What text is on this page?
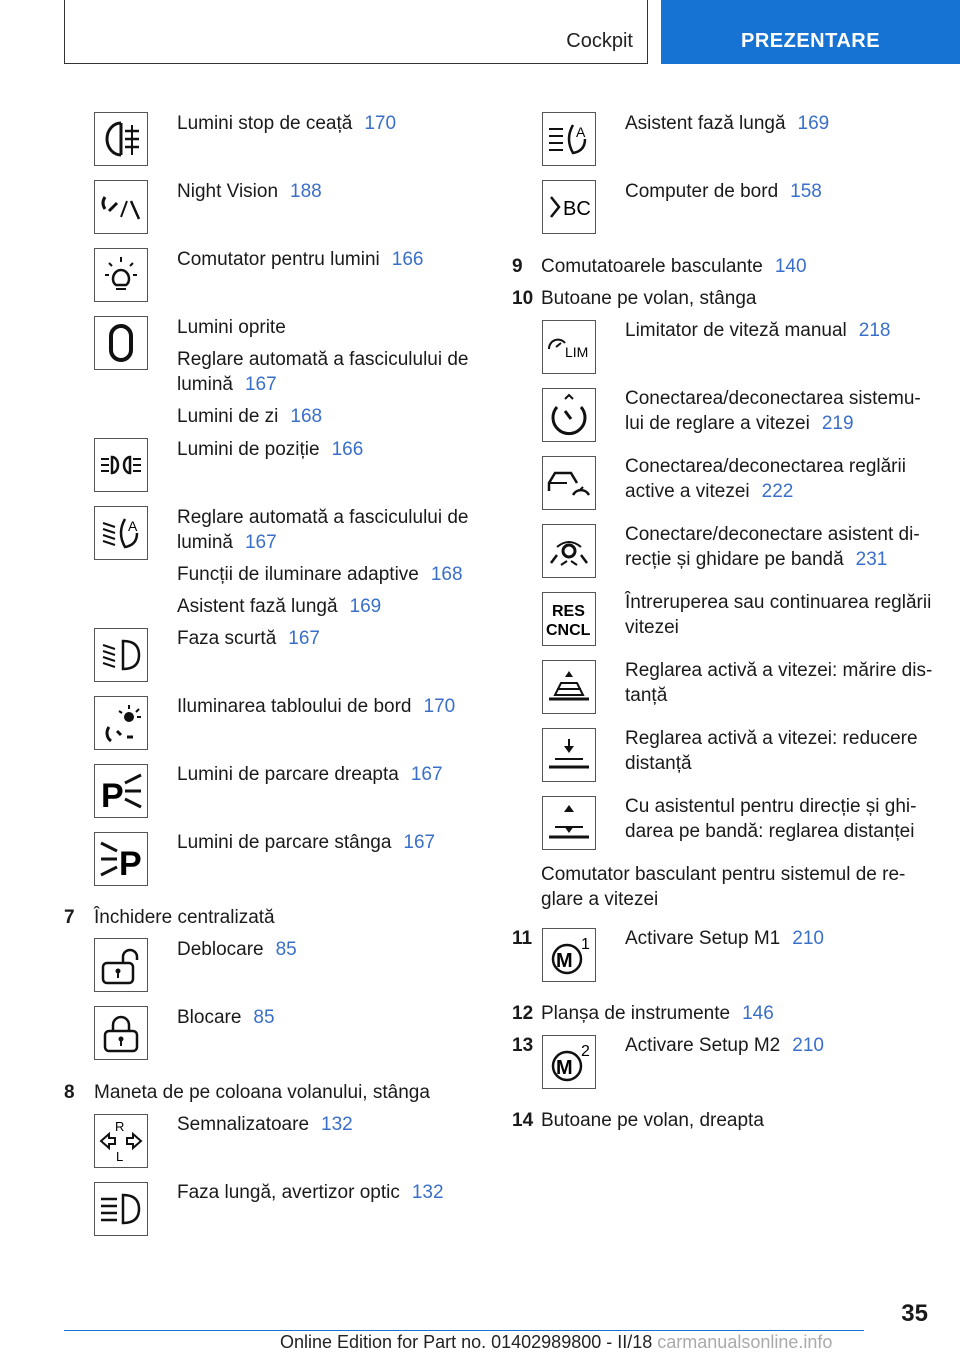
Cockpit	PREZENTARE
Lumini stop de ceață 170
Night Vision 188
Comutator pentru lumini 166
Lumini oprite
Reglare automată a fasciculului de
lumină 167
Lumini de zi 168
Lumini de poziție 166
A Reglare automată a fasciculului de
lumină 167
Funcții de iluminare adaptive 168
Asistent fază lungă 169
Faza scurtă 167
Iluminarea tabloului de bord 170
P
Lumini de parcare dreapta 167
P
Lumini de parcare stânga 167
7 Închidere centralizată
Deblocare 85
Blocare 85
8 Maneta de pe coloana volanului, stânga
R
L
Semnalizatoare 132
Faza lungă, avertizor optic 132
A Asistent fază lungă 169
BC
Computer de bord 158
9 Comutatoarele basculante 140
10 Butoane pe volan, stânga
LIM
Limitator de viteză manual 218
Conectarea/deconectarea sistemu-
lui de reglare a vitezei 219
Conectarea/deconectarea reglării
active a vitezei 222
Conectare/deconectare asistent di-
recție și ghidare pe bandă 231
RES
CNCL
Întreruperea sau continuarea reglării
vitezei
Reglarea activă a vitezei: mărire dis-
tanță
Reglarea activă a vitezei: reducere
distanță
Cu asistentul pentru direcție și ghi-
darea pe bandă: reglarea distanței
Comutator basculant pentru sistemul de re-
glare a vitezei
11
M
1 Activare Setup M1 210
12 Planșa de instrumente 146
13
M
2 Activare Setup M2 210
14 Butoane pe volan, dreapta
35
Online Edition for Part no. 01402989800 - II/18 carmanualsonline.info
